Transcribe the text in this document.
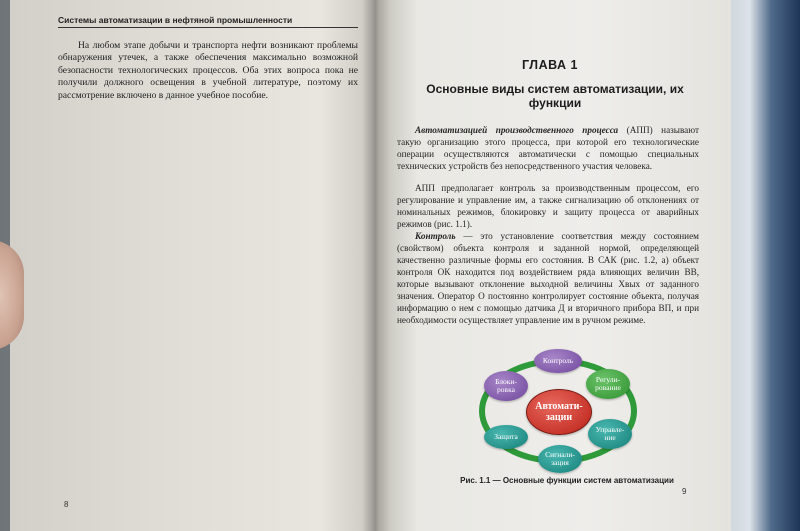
Системы автоматизации в нефтяной промышленности
На любом этапе добычи и транспорта нефти возникают проблемы обнаружения утечек, а также обеспечения максимально возможной безопасности технологических процессов. Оба этих вопроса пока не получили должного освещения в учебной литературе, поэтому их рассмотрение включено в данное учебное пособие.
8
ГЛАВА 1
Основные виды систем автоматизации, их функции
Автоматизацией производственного процесса (АПП) называют такую организацию этого процесса, при которой его технологические операции осуществляются автоматически с помощью специальных технических устройств без непосредственного участия человека.
АПП предполагает контроль за производственным процессом, его регулирование и управление им, а также сигнализацию об отклонениях от номинальных режимов, блокировку и защиту процесса от аварийных режимов (рис. 1.1).
Контроль — это установление соответствия между состоянием (свойством) объекта контроля и заданной нормой, определяющей качественно различные формы его состояния. В САК (рис. 1.2, а) объект контроля ОК находится под воздействием ряда влияющих величин ВВ, которые вызывают отклонение выходной величины Xвых от заданного значения. Оператор О постоянно контролирует состояние объекта, получая информацию о нем с помощью датчика Д и вторичного прибора ВП, и при необходимости осуществляет управление им в ручном режиме.
Автомати-
зации
Контроль
Регули-
рование
Управле-
ние
Сигнали-
зация
Защита
Блоки-
ровка
Рис. 1.1 — Основные функции систем автоматизации
9
